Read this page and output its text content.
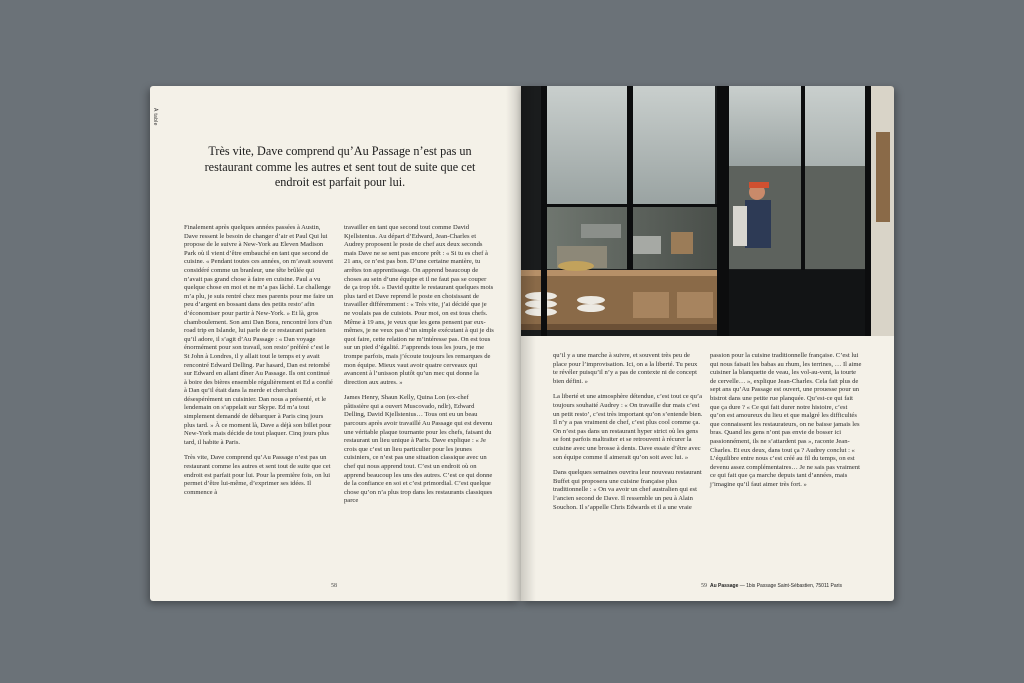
À table
Très vite, Dave comprend qu’Au Passage n’est pas un restaurant comme les autres et sent tout de suite que cet endroit est parfait pour lui.

Finalement après quelques années passées à Austin, Dave ressent le besoin de changer d’air et Paul Qui lui propose de le suivre à New-York au Eleven Madison Park où il vient d’être embauché en tant que second de cuisine. « Pendant toutes ces années, on m’avait souvent considéré comme un branleur, une tête brûlée qui n’avait pas grand chose à faire en cuisine. Paul a vu quelque chose en moi et ne m’a pas lâché. Le challenge m’a plu, je suis rentré chez mes parents pour me faire un peu d’argent en bossant dans des petits resto’ afin d’économiser pour partir à New-York. » Et là, gros chamboulement. Son ami Dan Bora, rencontré lors d’un road trip en Islande, lui parle de ce restaurant parisien qu’il adore, il s’agit d’Au Passage : « Dan voyage énormément pour son travail, son resto’ préféré c’est le St John à Londres, il y allait tout le temps et y avait rencontré Edward Delling. Par hasard, Dan est retombé sur Edward en allant dîner Au Passage. Ils ont continué à boire des bières ensemble régulièrement et Ed a confié à Dan qu’il était dans la merde et cherchait désespérément un cuisinier. Dan nous a présenté, et le lendemain on s’appelait sur Skype. Ed m’a tout simplement demandé de débarquer à Paris cinq jours plus tard. » À ce moment là, Dave a déjà son billet pour New-York mais décide de tout plaquer. Cinq jours plus tard, il habite à Paris.

Très vite, Dave comprend qu’Au Passage n’est pas un restaurant comme les autres et sent tout de suite que cet endroit est parfait pour lui. Pour la première fois, on lui permet d’être lui-même, d’exprimer ses idées. Il commence à

travailler en tant que second tout comme David Kjellstenius. Au départ d’Edward, Jean-Charles et Audrey proposent le poste de chef aux deux seconds mais Dave ne se sent pas encore prêt : « Si tu es chef à 21 ans, ce n’est pas bon. D’une certaine manière, tu arrêtes ton apprentissage. On apprend beaucoup de choses au sein d’une équipe et il ne faut pas se couper de ça trop tôt. » David quitte le restaurant quelques mois plus tard et Dave reprend le poste en choisissant de travailler différemment : « Très vite, j’ai décidé que je ne voulais pas de cuistots. Pour moi, on est tous chefs. Même à 19 ans, je veux que les gens pensent par eux-mêmes, je ne veux pas d’un simple exécutant à qui je dis quoi faire, cette relation ne m’intéresse pas. On est tous sur un pied d’égalité. J’apprends tous les jours, je me trompe parfois, mais j’écoute toujours les remarques de mon équipe. Mieux vaut avoir quatre cerveaux qui avancent à l’unisson plutôt qu’un mec qui donne la direction aux autres. »

James Henry, Shaun Kelly, Quina Lon (ex-chef pâtissière qui a ouvert Muscovado, ndlr), Edward Delling, David Kjellstenius… Tous ont eu un beau parcours après avoir travaillé Au Passage qui est devenu une véritable plaque tournante pour les chefs, faisant du restaurant un lieu unique à Paris. Dave explique : « Je crois que c’est un lieu particulier pour les jeunes cuisiniers, ce n’est pas une situation classique avec un chef qui nous apprend tout. C’est un endroit où on apprend beaucoup les uns des autres. C’est ce qui donne de la confiance en soi et c’est primordial. C’est quelque chose qu’on n’a plus trop dans les restaurants classiques parce

58

qu’il y a une marche à suivre, et souvent très peu de place pour l’improvisation. Ici, on a la liberté. Tu peux te révéler puisqu’il n’y a pas de contexte ni de concept bien défini. »

La liberté et une atmosphère détendue, c’est tout ce qu’a toujours souhaité Audrey : « On travaille dur mais c’est un petit resto’, c’est très important qu’on s’entende bien. Il n’y a pas vraiment de chef, c’est plus cool comme ça. On n’est pas dans un restaurant hyper strict où les gens se font parfois maltraiter et se retrouvent à récurer la cuisine avec une brosse à dents. Dave essaie d’être avec son équipe comme il aimerait qu’on soit avec lui. »

Dans quelques semaines ouvrira leur nouveau restaurant Buffet qui proposera une cuisine française plus traditionnelle : « On va avoir un chef australien qui est l’ancien second de Dave. Il ressemble un peu à Alain Souchon. Il s’appelle Chris Edwards et il a une vraie

passion pour la cuisine traditionnelle française. C’est lui qui nous faisait les babas au rhum, les terrines, … Il aime cuisiner la blanquette de veau, les vol-au-vent, la tourte de cervelle… », explique Jean-Charles. Cela fait plus de sept ans qu’Au Passage est ouvert, une prouesse pour un bistrot dans une petite rue planquée. Qu’est-ce qui fait que ça dure ? « Ce qui fait durer notre histoire, c’est qu’on est amoureux du lieu et que malgré les difficultés que connaissent les restaurateurs, on ne baisse jamais les bras. Quand les gens n’ont pas envie de bosser ici passionnément, ils ne s’attardent pas », raconte Jean-Charles. Et eux deux, dans tout ça ? Audrey conclut : « L’équilibre entre nous c’est créé au fil du temps, on est devenu assez complémentaires… Je ne sais pas vraiment ce qui fait que ça marche depuis tant d’années, mais j’imagine qu’il faut aimer très fort. »

Au Passage — 1bis Passage Saint-Sébastien, 75011 Paris
59
